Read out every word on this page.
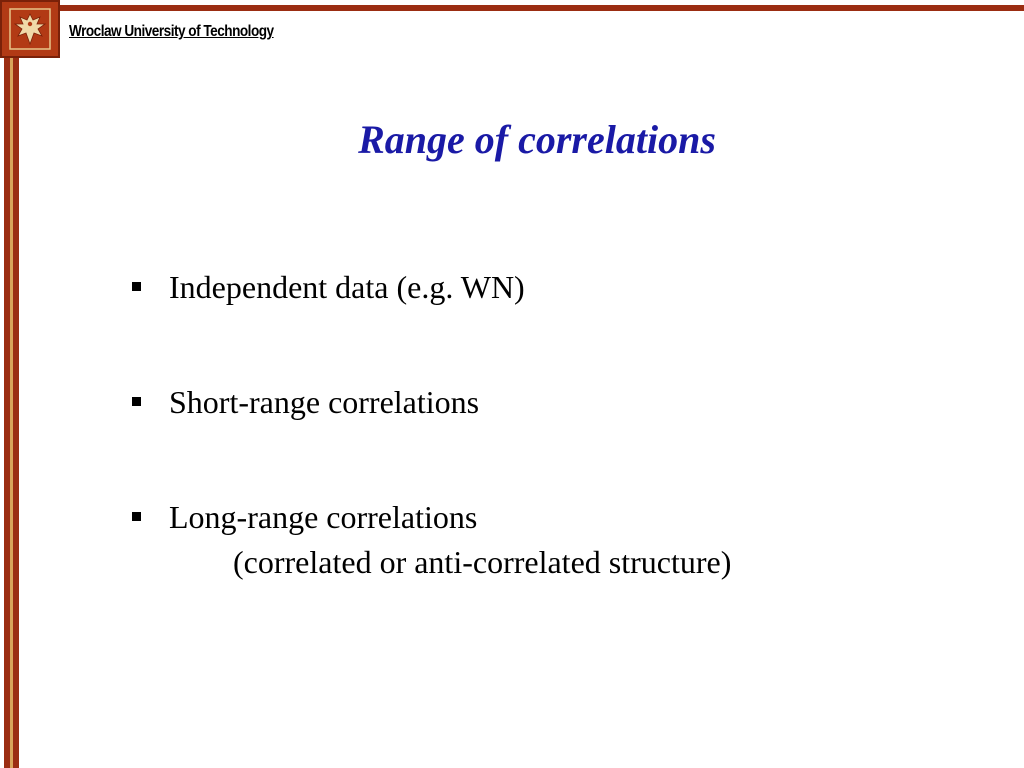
Wroclaw University of Technology

Range of correlations
Independent data (e.g. WN)
Short-range correlations
Long-range correlations
(correlated or anti-correlated structure)
